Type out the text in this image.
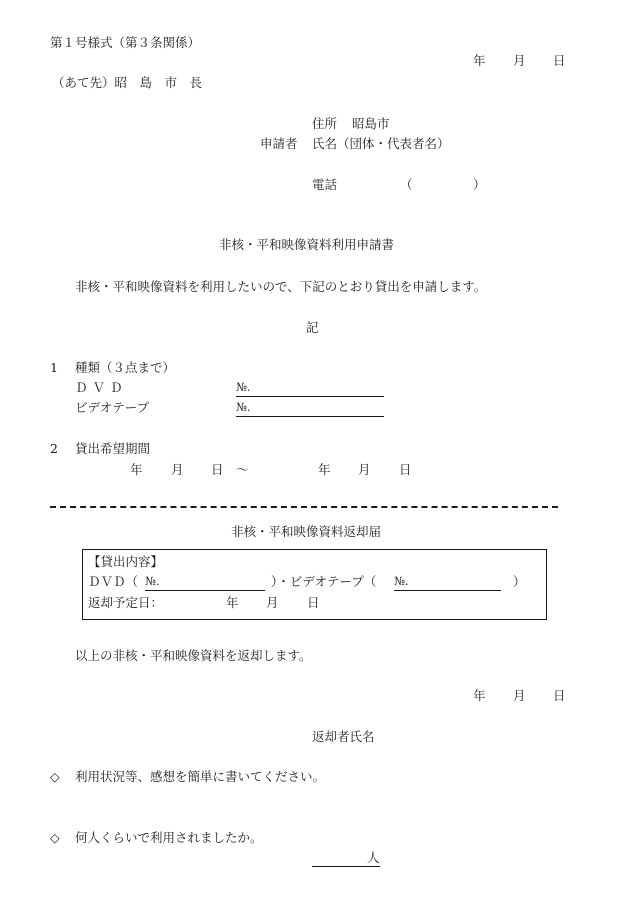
第１号様式（第３条関係）
年 月 日
（あて先）昭　島　市　長
住所 昭島市
申請者 氏名（団体・代表者名）
電話	（	）
非核・平和映像資料利用申請書
非核・平和映像資料を利用したいので、下記のとおり貸出を申請します。
記
1 種類（３点まで）
ＤＶＤ	№.
ビデオテープ	№.
2 貸出希望期間
年 月 日 〜	年 月 日
非核・平和映像資料返却届
【貸出内容】
ＤＶＤ（ №.	）・ビデオテープ（ №.	）
返却予定日：	年 月 日
以上の非核・平和映像資料を返却します。
年 月 日
返却者氏名
◇ 利用状況等、感想を簡単に書いてください。
◇ 何人くらいで利用されましたか。
人
